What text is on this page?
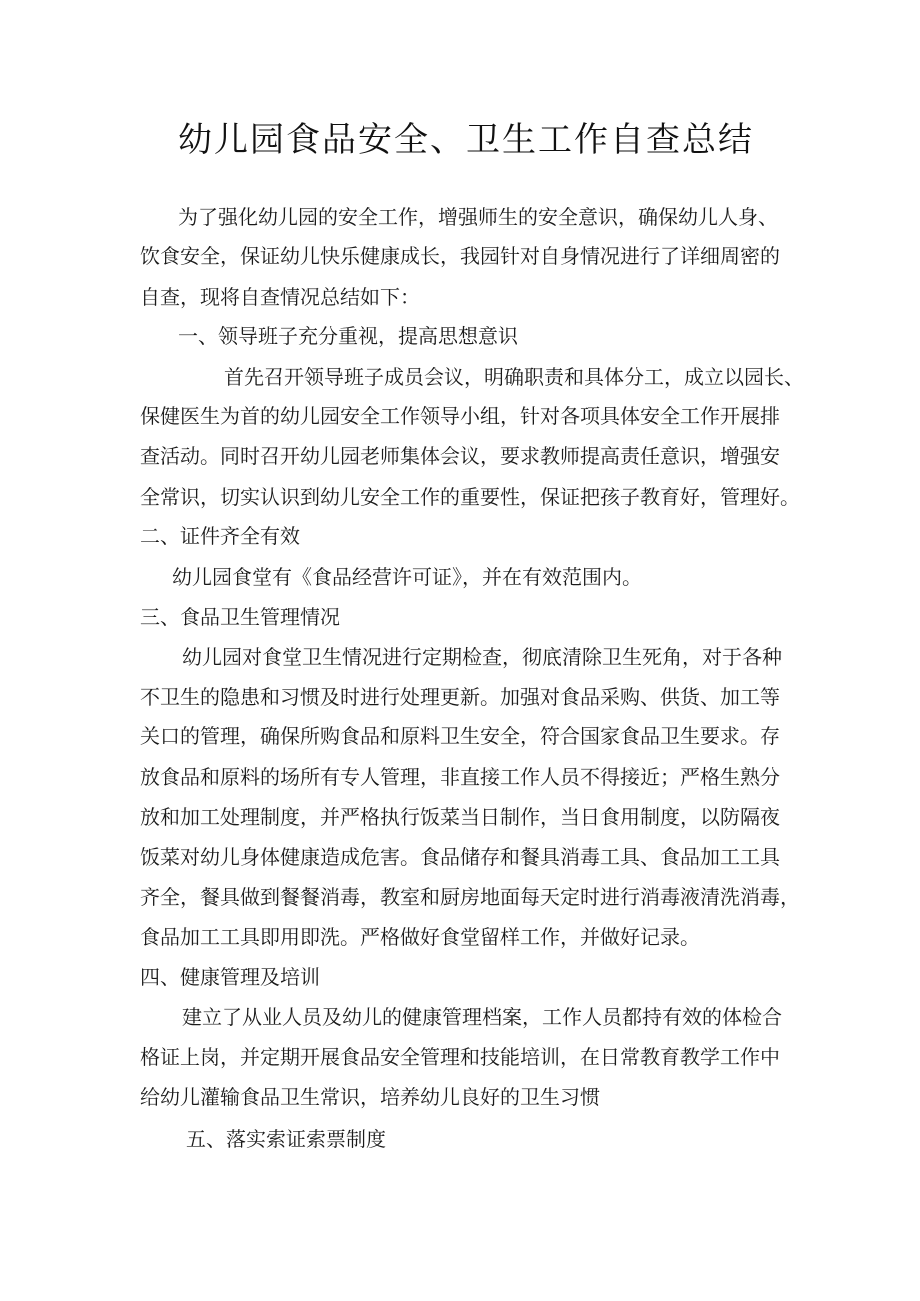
幼儿园食品安全、卫生工作自查总结
为了强化幼儿园的安全工作，增强师生的安全意识，确保幼儿人身、
饮食安全，保证幼儿快乐健康成长，我园针对自身情况进行了详细周密的
自查，现将自查情况总结如下：
一、领导班子充分重视，提高思想意识
首先召开领导班子成员会议，明确职责和具体分工，成立以园长、
保健医生为首的幼儿园安全工作领导小组，针对各项具体安全工作开展排
查活动。同时召开幼儿园老师集体会议，要求教师提高责任意识，增强安
全常识，切实认识到幼儿安全工作的重要性，保证把孩子教育好，管理好。
二、证件齐全有效
幼儿园食堂有《食品经营许可证》，并在有效范围内。
三、食品卫生管理情况
幼儿园对食堂卫生情况进行定期检查，彻底清除卫生死角，对于各种
不卫生的隐患和习惯及时进行处理更新。加强对食品采购、供货、加工等
关口的管理，确保所购食品和原料卫生安全，符合国家食品卫生要求。存
放食品和原料的场所有专人管理，非直接工作人员不得接近；严格生熟分
放和加工处理制度，并严格执行饭菜当日制作，当日食用制度，以防隔夜
饭菜对幼儿身体健康造成危害。食品储存和餐具消毒工具、食品加工工具
齐全，餐具做到餐餐消毒，教室和厨房地面每天定时进行消毒液清洗消毒，
食品加工工具即用即洗。严格做好食堂留样工作，并做好记录。
四、健康管理及培训
建立了从业人员及幼儿的健康管理档案，工作人员都持有效的体检合
格证上岗，并定期开展食品安全管理和技能培训，在日常教育教学工作中
给幼儿灌输食品卫生常识，培养幼儿良好的卫生习惯
五、落实索证索票制度
